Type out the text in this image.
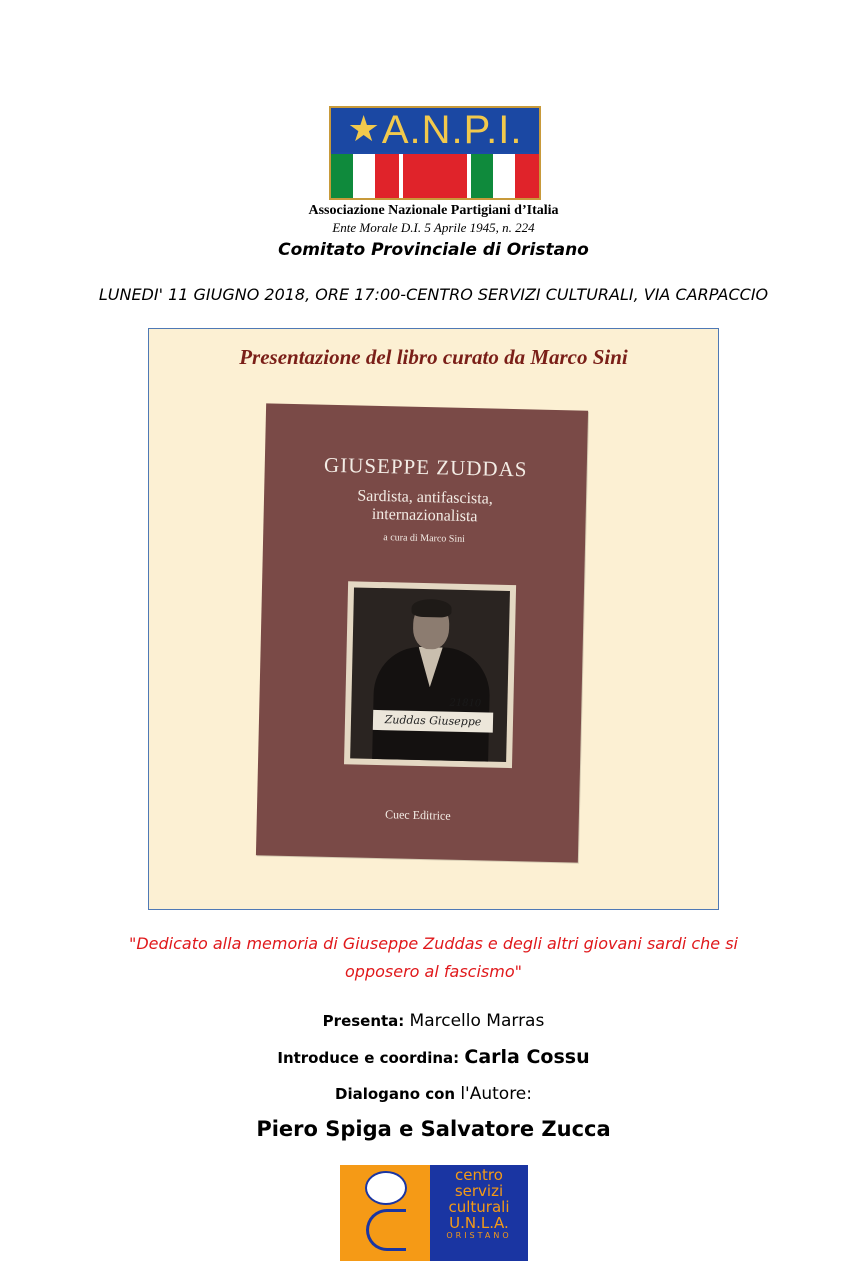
★ A.N.P.I.
Associazione Nazionale Partigiani d’Italia
Ente Morale D.I. 5 Aprile 1945, n. 224
Comitato Provinciale di Oristano
LUNEDI' 11 GIUGNO 2018, ORE 17:00-CENTRO SERVIZI CULTURALI, VIA CARPACCIO
Presentazione del libro curato da Marco Sini
GIUSEPPE ZUDDAS
Sardista, antifascista,
internazionalista
a cura di Marco Sini
21810
Zuddas Giuseppe
Cuec Editrice
"Dedicato alla memoria di Giuseppe Zuddas e degli altri giovani sardi che si
opposero al fascismo"
Presenta: Marcello Marras
Introduce e coordina: Carla Cossu
Dialogano con l'Autore:
Piero Spiga e Salvatore Zucca
centro
servizi
culturali
U.N.L.A.
ORISTANO
